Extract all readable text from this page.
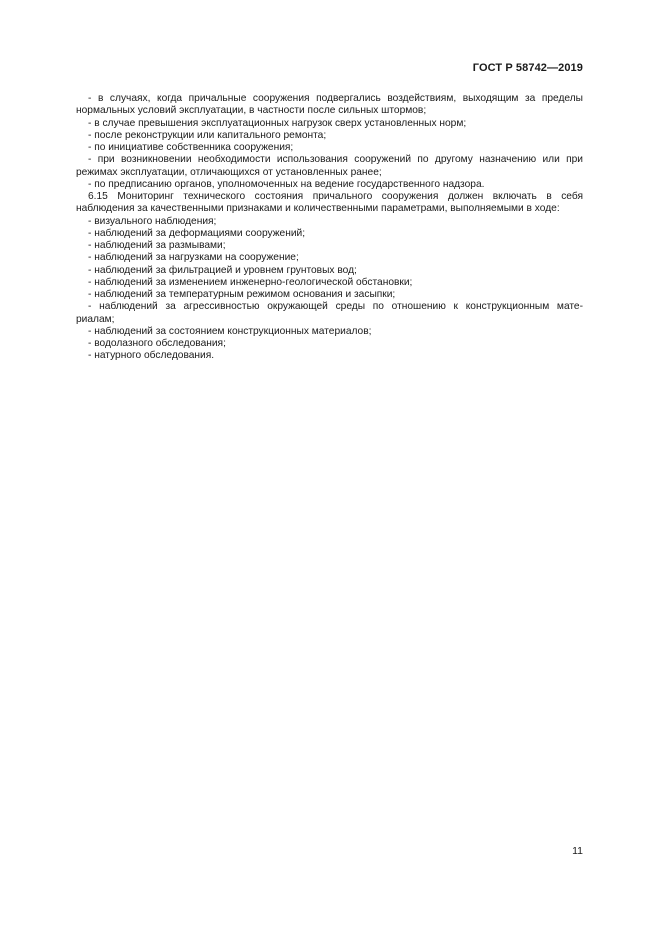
ГОСТ Р 58742—2019
- в случаях, когда причальные сооружения подвергались воздействиям, выходящим за пределы
нормальных условий эксплуатации, в частности после сильных штормов;
- в случае превышения эксплуатационных нагрузок сверх установленных норм;
- после реконструкции или капитального ремонта;
- по инициативе собственника сооружения;
- при возникновении необходимости использования сооружений по другому назначению или при
режимах эксплуатации, отличающихся от установленных ранее;
- по предписанию органов, уполномоченных на ведение государственного надзора.
6.15 Мониторинг технического состояния причального сооружения должен включать в себя
наблюдения за качественными признаками и количественными параметрами, выполняемыми в ходе:
- визуального наблюдения;
- наблюдений за деформациями сооружений;
- наблюдений за размывами;
- наблюдений за нагрузками на сооружение;
- наблюдений за фильтрацией и уровнем грунтовых вод;
- наблюдений за изменением инженерно-геологической обстановки;
- наблюдений за температурным режимом основания и засыпки;
- наблюдений за агрессивностью окружающей среды по отношению к конструкционным мате-
риалам;
- наблюдений за состоянием конструкционных материалов;
- водолазного обследования;
- натурного обследования.
11
